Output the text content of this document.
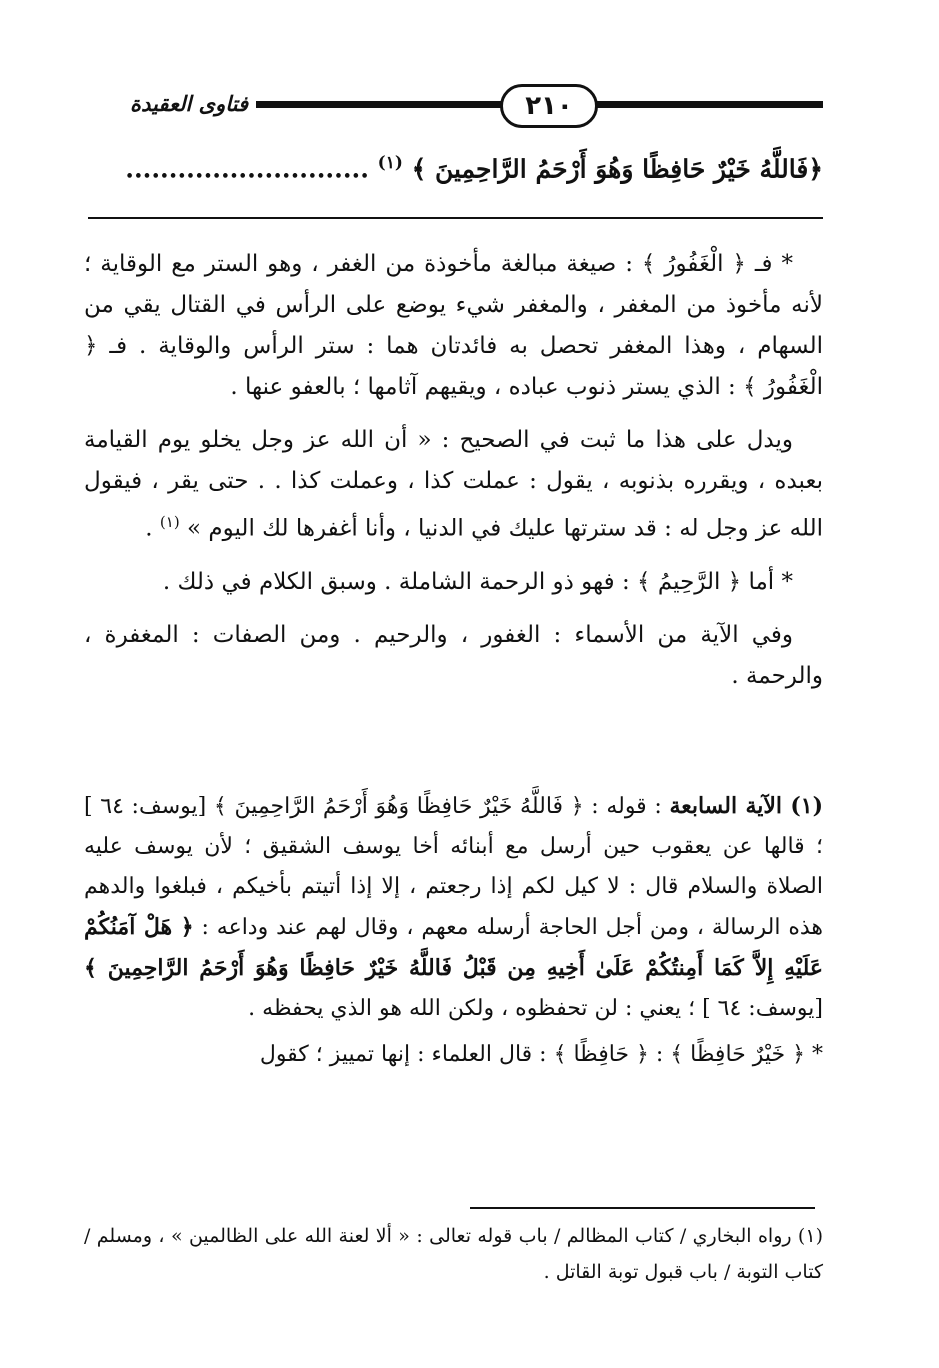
٢١٠
فتاوى العقيدة
﴿فَاللَّهُ خَيْرٌ حَافِظًا وَهُوَ أَرْحَمُ الرَّاحِمِينَ ﴾ $^{(١)}$ ............................

* فـ ﴿ الْغَفُورُ ﴾ : صيغة مبالغة مأخوذة من الغفر ، وهو الستر مع الوقاية ؛ لأنه مأخوذ من المغفر ، والمغفر شيء يوضع على الرأس في القتال يقي من السهام ، وهذا المغفر تحصل به فائدتان هما : ستر الرأس والوقاية . فـ ﴿ الْغَفُورُ ﴾ : الذي يستر ذنوب عباده ، ويقيهم آثامها ؛ بالعفو عنها .

ويدل على هذا ما ثبت في الصحيح : « أن الله عز وجل يخلو يوم القيامة بعبده ، ويقرره بذنوبه ، يقول : عملت كذا ، وعملت كذا . . حتى يقر ، فيقول الله عز وجل له : قد سترتها عليك في الدنيا ، وأنا أغفرها لك اليوم » $^{(١)}$ .

* أما ﴿ الرَّحِيمُ ﴾ : فهو ذو الرحمة الشاملة . وسبق الكلام في ذلك .

وفي الآية من الأسماء : الغفور ، والرحيم . ومن الصفات : المغفرة ، والرحمة .

(١) الآية السابعة : قوله : ﴿ فَاللَّهُ خَيْرٌ حَافِظًا وَهُوَ أَرْحَمُ الرَّاحِمِينَ ﴾ [يوسف: ٦٤ ] ؛ قالها عن يعقوب حين أرسل مع أبنائه أخا يوسف الشقيق ؛ لأن يوسف عليه الصلاة والسلام قال : لا كيل لكم إذا رجعتم ، إلا إذا أتيتم بأخيكم ، فبلغوا والدهم هذه الرسالة ، ومن أجل الحاجة أرسله معهم ، وقال لهم عند وداعه : ﴿ هَلْ آمَنُكُمْ عَلَيْهِ إِلاَّ كَمَا أَمِنتُكُمْ عَلَىٰ أَخِيهِ مِن قَبْلُ فَاللَّهُ خَيْرٌ حَافِظًا وَهُوَ أَرْحَمُ الرَّاحِمِينَ ﴾ [يوسف: ٦٤ ] ؛ يعني : لن تحفظوه ، ولكن الله هو الذي يحفظه .

* ﴿ خَيْرٌ حَافِظًا ﴾ : ﴿ حَافِظًا ﴾ : قال العلماء : إنها تمييز ؛ كقول

(١) رواه البخاري / كتاب المظالم / باب قوله تعالى : « ألا لعنة الله على الظالمين » ، ومسلم / كتاب التوبة / باب قبول توبة القاتل .
